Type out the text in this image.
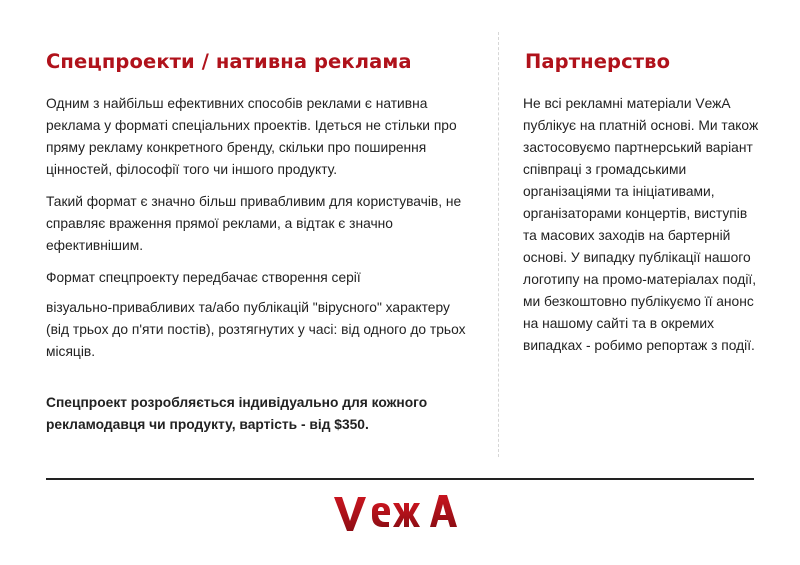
Спецпроекти / нативна реклама

Одним з найбільш ефективних способів реклами є нативна реклама у форматі спеціальних проектів. Ідеться не стільки про пряму рекламу конкретного бренду, скільки про поширення цінностей, філософії того чи іншого продукту.

Такий формат є значно більш привабливим для користувачів, не справляє враження прямої реклами, а відтак є значно ефективнішим.

Формат спецпроекту передбачає створення серії

візуально-привабливих та/або публікацій "вірусного" характеру (від трьох до п'яти постів), розтягнутих у часі: від одного до трьох місяців.

Спецпроект розробляється індивідуально для кожного рекламодавця чи продукту, вартість - від $350.

Партнерство

Не всі рекламні матеріали VежА публікує на платній основі. Ми також застосовуємо партнерський варіант співпраці з громадськими організаціями та ініціативами, організаторами концертів, виступів та масових заходів на бартерній основі. У випадку публікації нашого логотипу на промо-матеріалах події, ми безкоштовно публікуємо її анонс на нашому сайті та в окремих випадках - робимо репортаж з події.
